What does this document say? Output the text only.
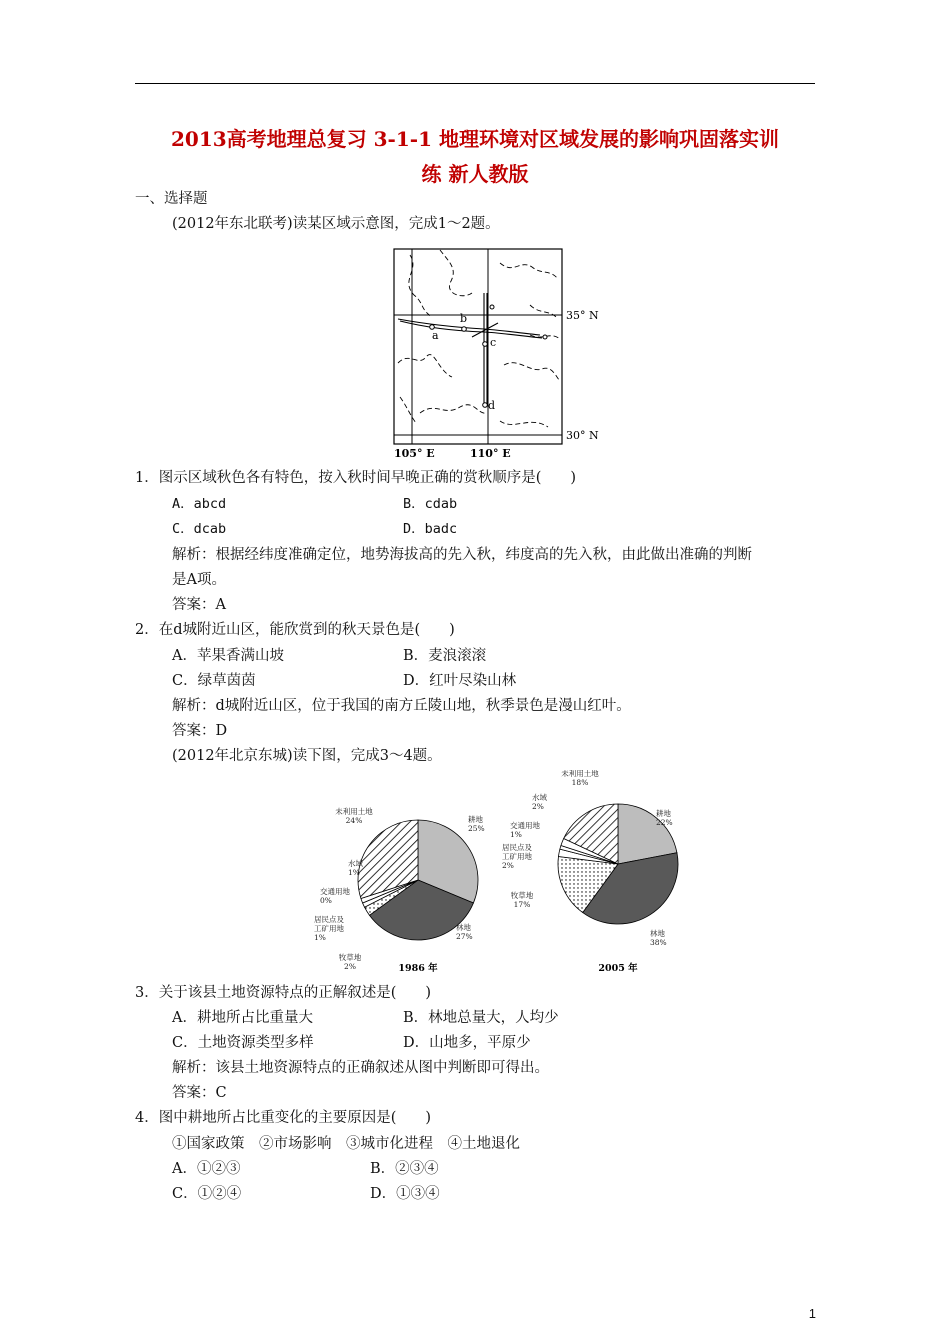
2013高考地理总复习 3-1-1 地理环境对区域发展的影响巩固落实训
练 新人教版
一、选择题
(2012年东北联考)读某区域示意图，完成1～2题。
a
b
c
d
35° N
30° N
105° E	110° E
1．图示区域秋色各有特色，按入秋时间早晚正确的赏秋顺序是(　　)
A．abcd	B．cdab
C．dcab	D．badc
解析：根据经纬度准确定位，地势海拔高的先入秋，纬度高的先入秋，由此做出准确的判断
是A项。
答案：A
2．在d城附近山区，能欣赏到的秋天景色是(　　)
A．苹果香满山坡	B．麦浪滚滚
C．绿草茵茵	D．红叶尽染山林
解析：d城附近山区，位于我国的南方丘陵山地，秋季景色是漫山红叶。
答案：D
(2012年北京东城)读下图，完成3～4题。
1986 年
耕地 25%
林地 27%
牧草地 2%
居民点及工矿用地 1%
交通用地 0%
水域 1%
未利用土地 24%
2005 年
耕地 22%
林地 38%
牧草地 17%
居民点及工矿用地 2%
交通用地 1%
水域 2%
未利用土地 18%
3．关于该县土地资源特点的正解叙述是(　　)
A．耕地所占比重量大	B．林地总量大，人均少
C．土地资源类型多样	D．山地多，平原少
解析：该县土地资源特点的正确叙述从图中判断即可得出。
答案：C
4．图中耕地所占比重变化的主要原因是(　　)
①国家政策　②市场影响　③城市化进程　④土地退化
A．①②③	B．②③④
C．①②④	D．①③④
1
